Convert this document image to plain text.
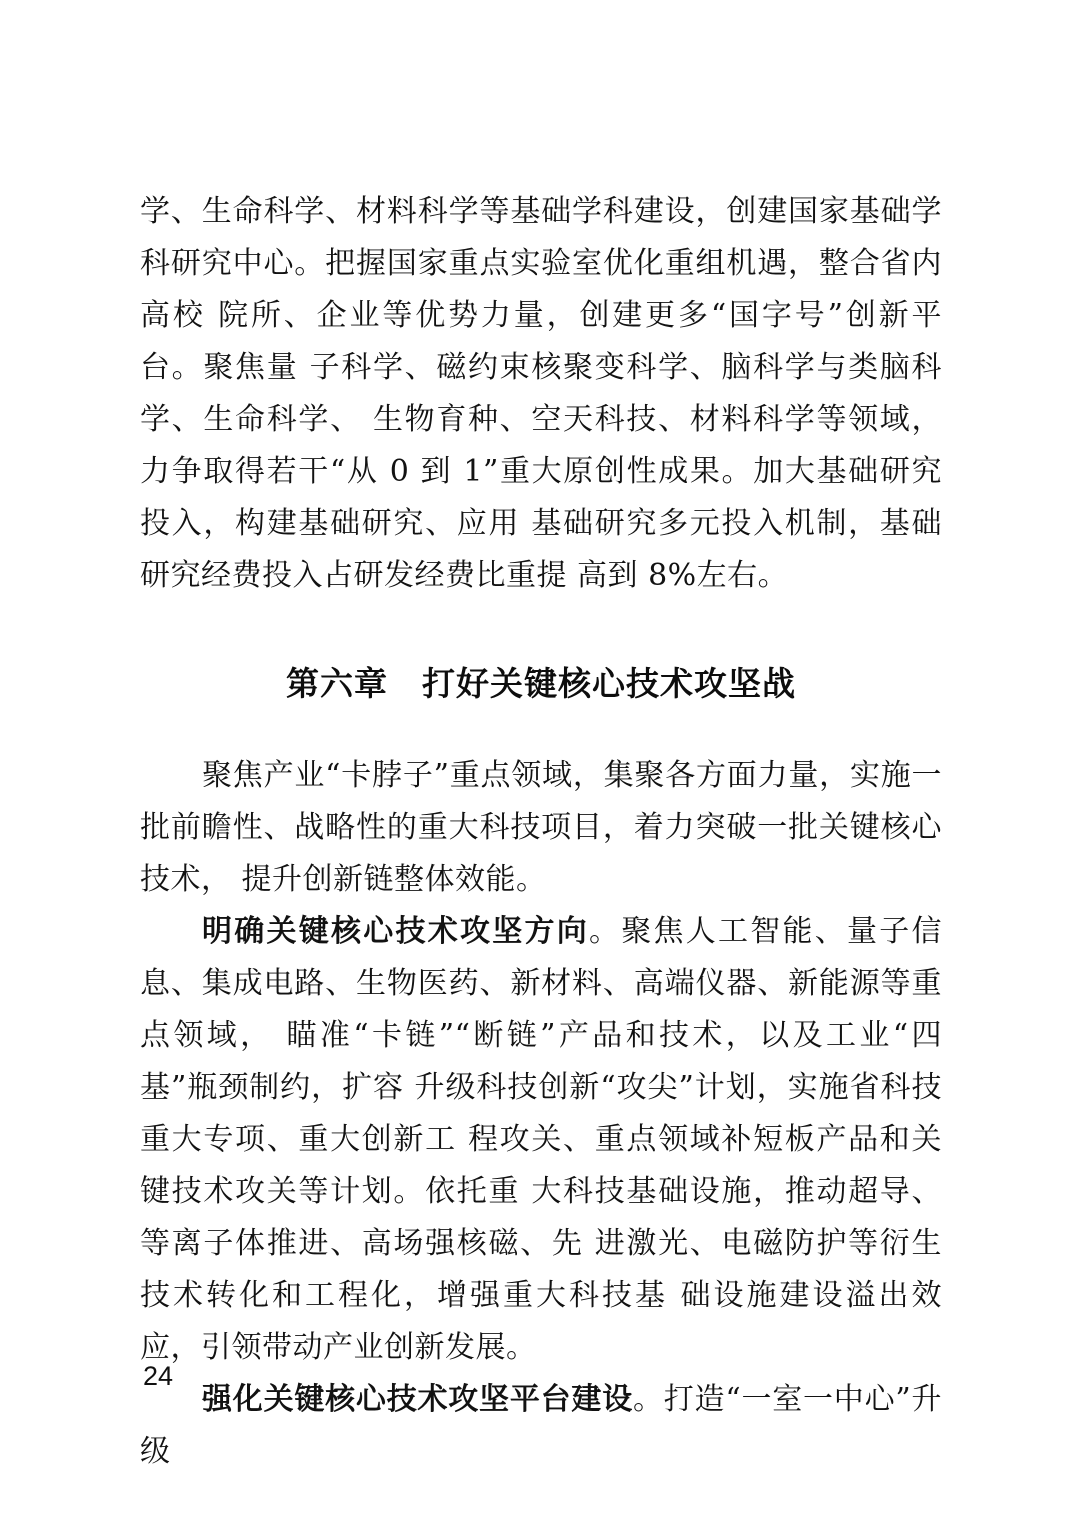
学、生命科学、材料科学等基础学科建设，创建国家基础学科研究中心。把握国家重点实验室优化重组机遇，整合省内高校 院所、企业等优势力量，创建更多“国字号”创新平台。聚焦量 子科学、磁约束核聚变科学、脑科学与类脑科学、生命科学、 生物育种、空天科技、材料科学等领域，力争取得若干“从 0 到 1”重大原创性成果。加大基础研究投入，构建基础研究、应用 基础研究多元投入机制，基础研究经费投入占研发经费比重提 高到 8%左右。

第六章　打好关键核心技术攻坚战

聚焦产业“卡脖子”重点领域，集聚各方面力量，实施一批前瞻性、战略性的重大科技项目，着力突破一批关键核心技术， 提升创新链整体效能。

明确关键核心技术攻坚方向。聚焦人工智能、量子信息、集成电路、生物医药、新材料、高端仪器、新能源等重点领域， 瞄准“卡链”“断链”产品和技术，以及工业“四基”瓶颈制约，扩容 升级科技创新“攻尖”计划，实施省科技重大专项、重大创新工 程攻关、重点领域补短板产品和关键技术攻关等计划。依托重 大科技基础设施，推动超导、等离子体推进、高场强核磁、先 进激光、电磁防护等衍生技术转化和工程化，增强重大科技基 础设施建设溢出效应，引领带动产业创新发展。

强化关键核心技术攻坚平台建设。打造“一室一中心”升级

24
